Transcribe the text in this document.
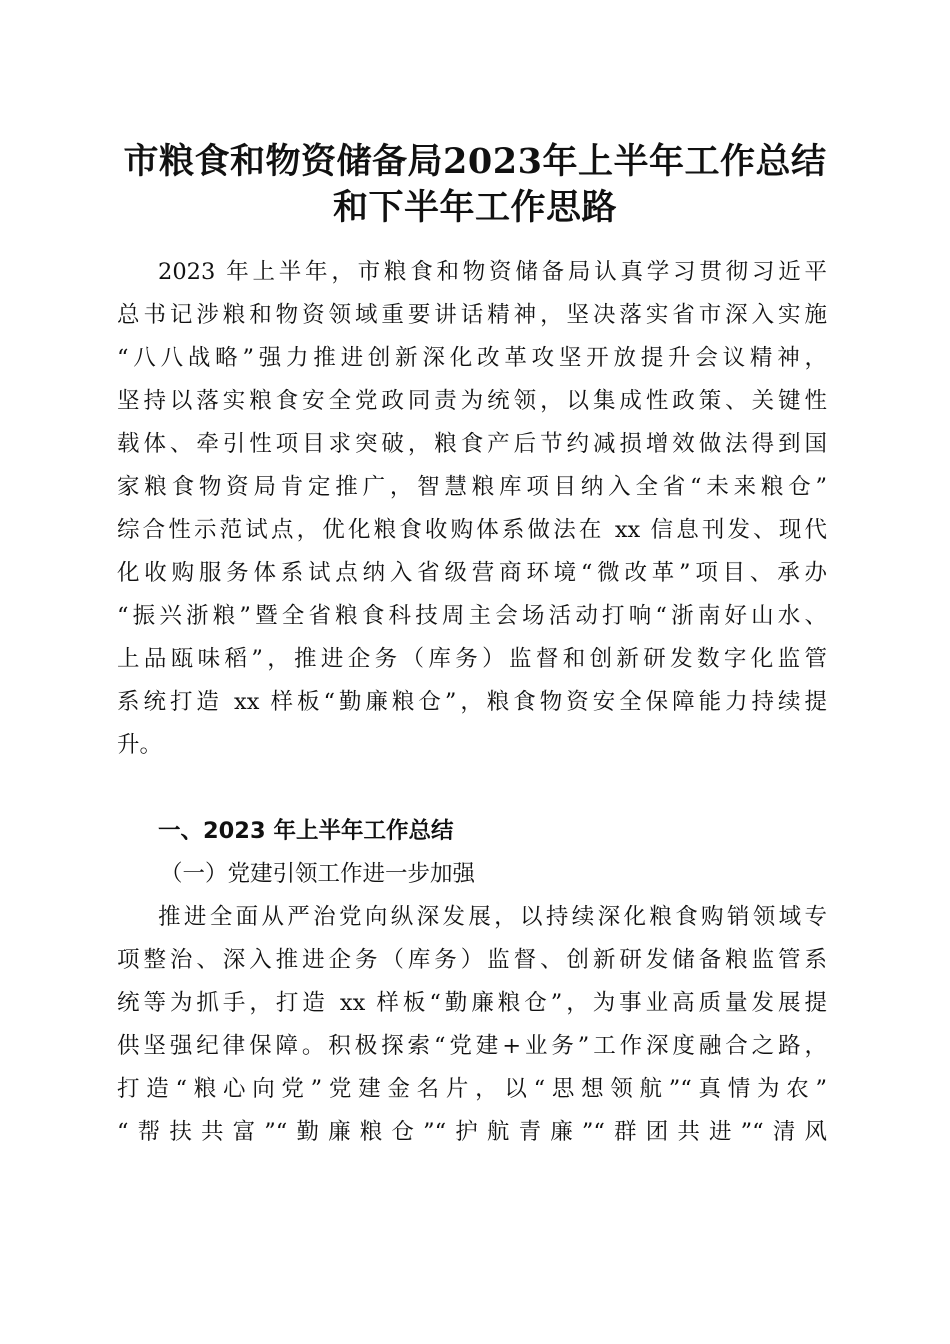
市粮食和物资储备局2023年上半年工作总结
和下半年工作思路
2023 年上半年，市粮食和物资储备局认真学习贯彻习近平
总书记涉粮和物资领域重要讲话精神，坚决落实省市深入实施
“八八战略”强力推进创新深化改革攻坚开放提升会议精神，
坚持以落实粮食安全党政同责为统领，以集成性政策、关键性
载体、牵引性项目求突破，粮食产后节约减损增效做法得到国
家粮食物资局肯定推广，智慧粮库项目纳入全省“未来粮仓”
综合性示范试点，优化粮食收购体系做法在 xx 信息刊发、现代
化收购服务体系试点纳入省级营商环境“微改革”项目、承办
“振兴浙粮”暨全省粮食科技周主会场活动打响“浙南好山水、
上品瓯味稻”，推进企务（库务）监督和创新研发数字化监管
系统打造 xx 样板“勤廉粮仓”，粮食物资安全保障能力持续提
升。
一、2023 年上半年工作总结
（一）党建引领工作进一步加强
推进全面从严治党向纵深发展，以持续深化粮食购销领域专
项整治、深入推进企务（库务）监督、创新研发储备粮监管系
统等为抓手，打造 xx 样板“勤廉粮仓”，为事业高质量发展提
供坚强纪律保障。积极探索“党建+业务”工作深度融合之路，
打造“粮心向党”党建金名片，以“思想领航”“真情为农”
“帮扶共富”“勤廉粮仓”“护航青廉”“群团共进”“清风
